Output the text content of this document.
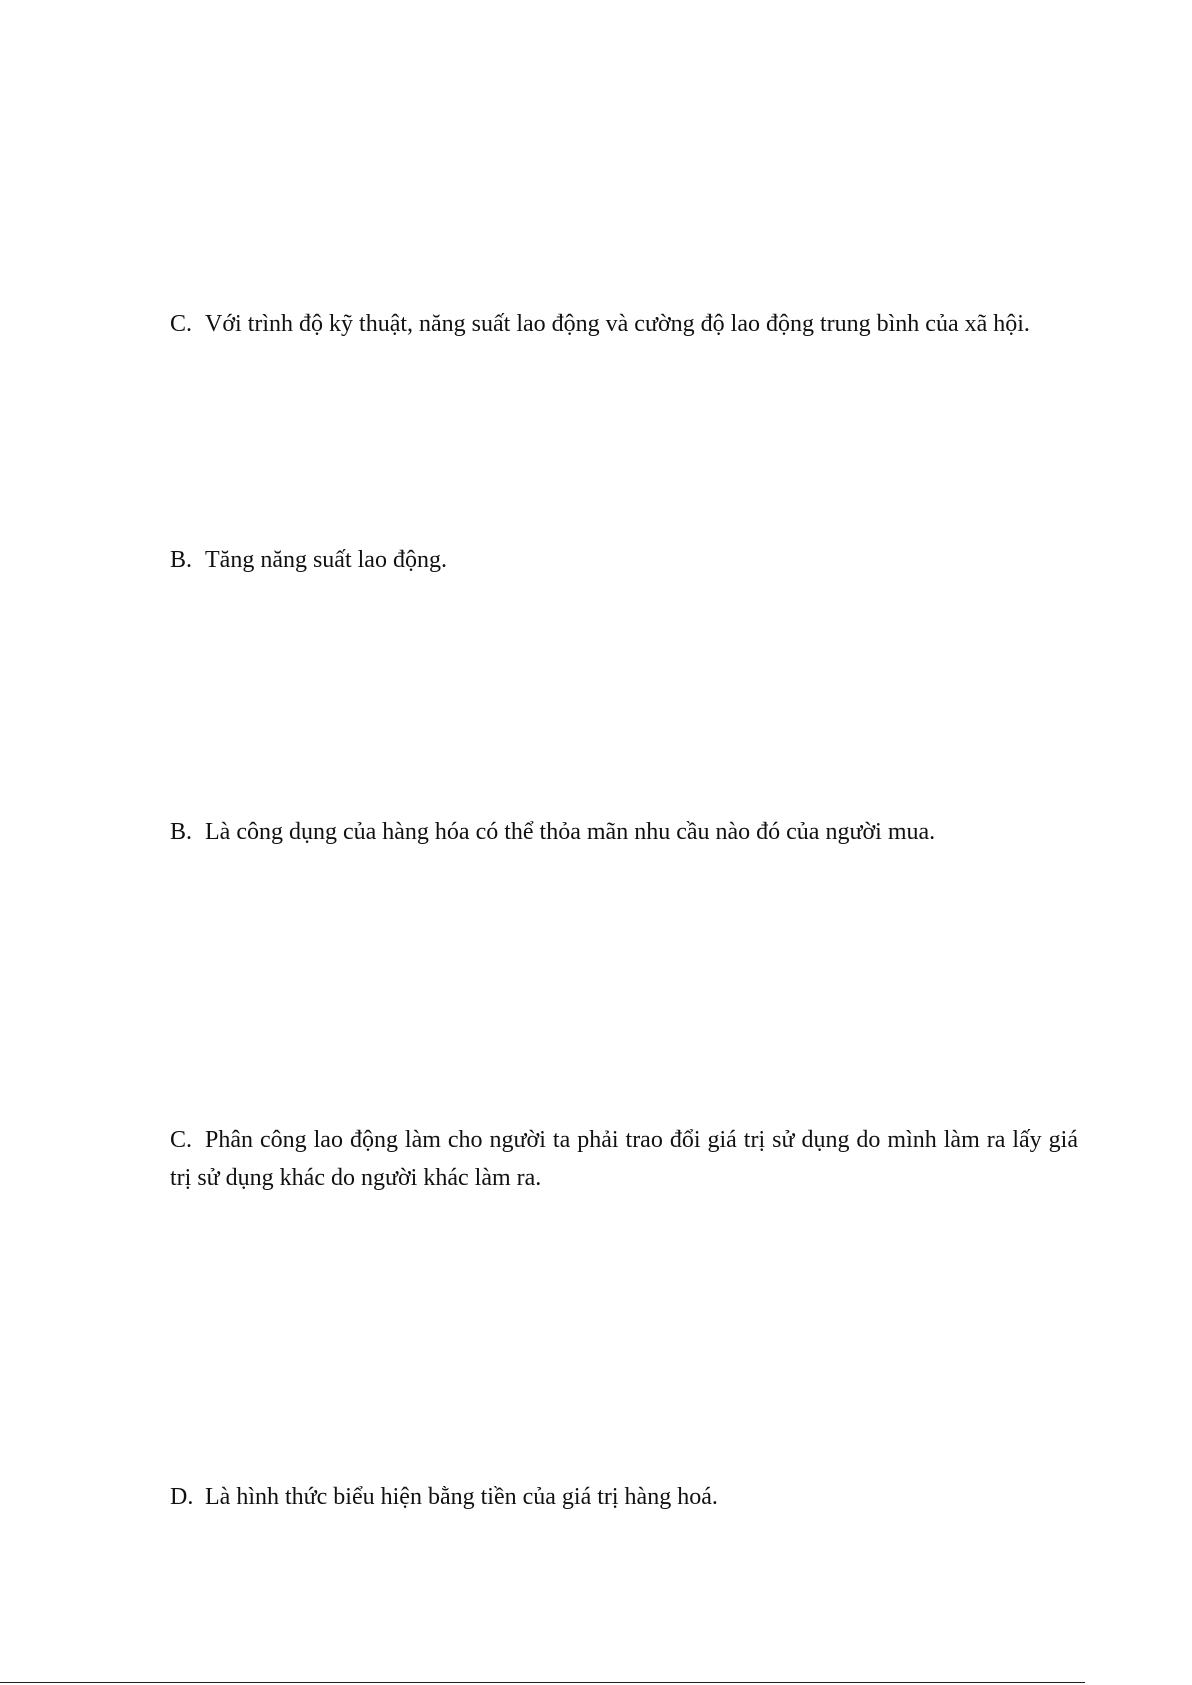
C. Với trình độ kỹ thuật, năng suất lao động và cường độ lao động trung bình của xã hội.

B. Tăng năng suất lao động.

B. Là công dụng của hàng hóa có thể thỏa mãn nhu cầu nào đó của người mua.

C. Phân công lao động làm cho người ta phải trao đổi giá trị sử dụng do mình làm ra lấy giá trị sử dụng khác do người khác làm ra.

D. Là hình thức biểu hiện bằng tiền của giá trị hàng hoá.
